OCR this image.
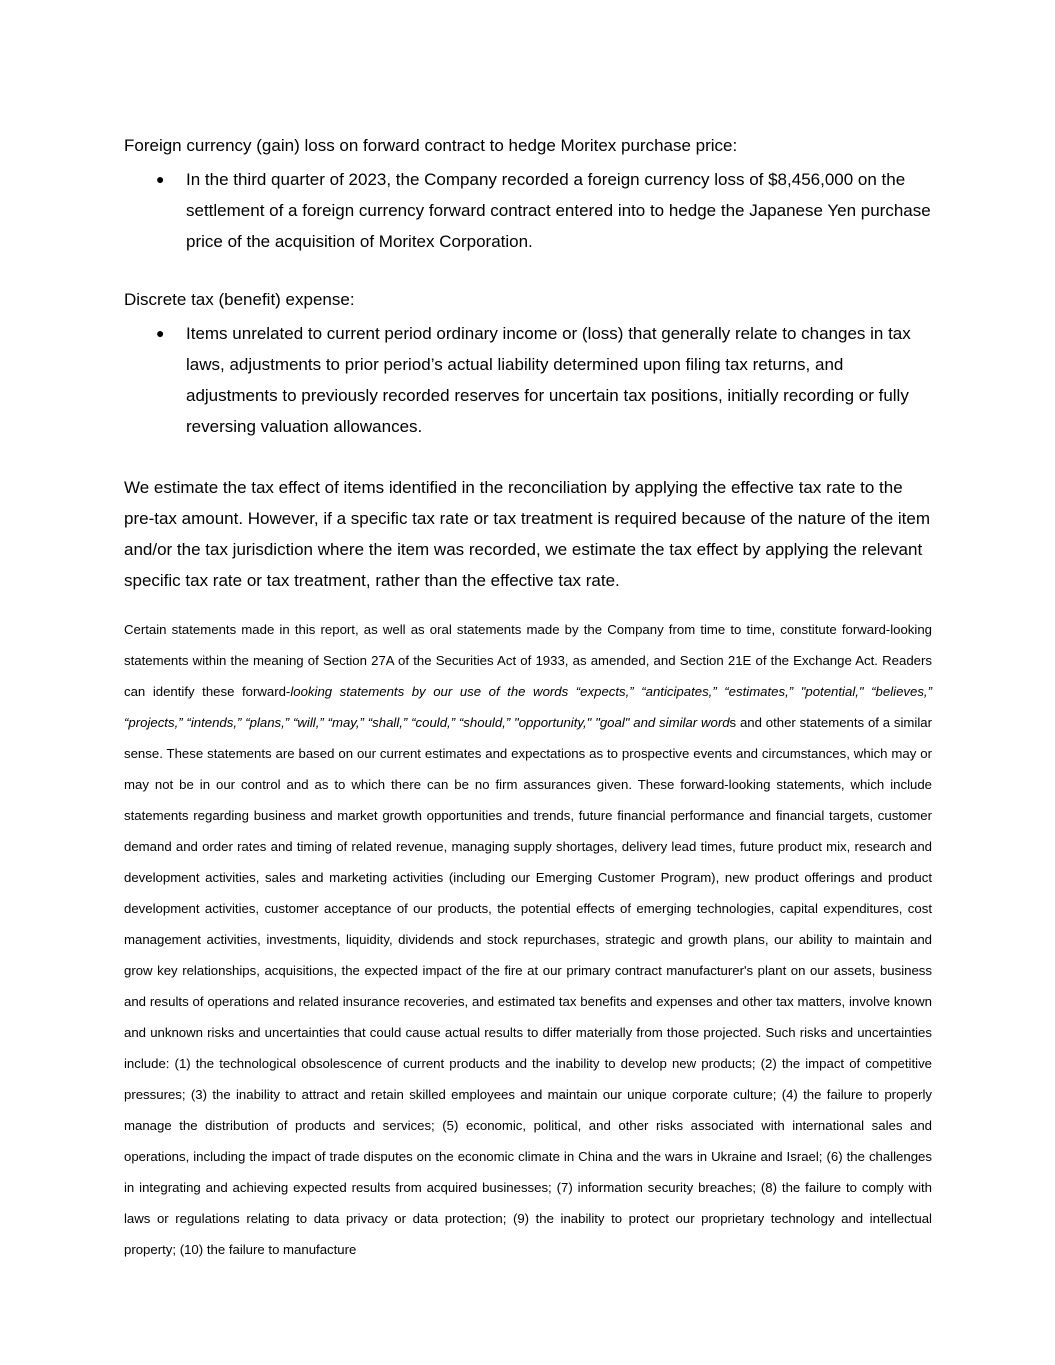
Foreign currency (gain) loss on forward contract to hedge Moritex purchase price:

● In the third quarter of 2023, the Company recorded a foreign currency loss of $8,456,000 on the settlement of a foreign currency forward contract entered into to hedge the Japanese Yen purchase price of the acquisition of Moritex Corporation.

Discrete tax (benefit) expense:

● Items unrelated to current period ordinary income or (loss) that generally relate to changes in tax laws, adjustments to prior period’s actual liability determined upon filing tax returns, and adjustments to previously recorded reserves for uncertain tax positions, initially recording or fully reversing valuation allowances.

We estimate the tax effect of items identified in the reconciliation by applying the effective tax rate to the pre-tax amount. However, if a specific tax rate or tax treatment is required because of the nature of the item and/or the tax jurisdiction where the item was recorded, we estimate the tax effect by applying the relevant specific tax rate or tax treatment, rather than the effective tax rate.

Certain statements made in this report, as well as oral statements made by the Company from time to time, constitute forward-looking statements within the meaning of Section 27A of the Securities Act of 1933, as amended, and Section 21E of the Exchange Act. Readers can identify these forward-looking statements by our use of the words “expects,” “anticipates,” “estimates,” "potential," “believes,” “projects,” “intends,” “plans,” “will,” “may,” “shall,” “could,” “should,” "opportunity," "goal" and similar words and other statements of a similar sense. These statements are based on our current estimates and expectations as to prospective events and circumstances, which may or may not be in our control and as to which there can be no firm assurances given. These forward-looking statements, which include statements regarding business and market growth opportunities and trends, future financial performance and financial targets, customer demand and order rates and timing of related revenue, managing supply shortages, delivery lead times, future product mix, research and development activities, sales and marketing activities (including our Emerging Customer Program), new product offerings and product development activities, customer acceptance of our products, the potential effects of emerging technologies, capital expenditures, cost management activities, investments, liquidity, dividends and stock repurchases, strategic and growth plans, our ability to maintain and grow key relationships, acquisitions, the expected impact of the fire at our primary contract manufacturer's plant on our assets, business and results of operations and related insurance recoveries, and estimated tax benefits and expenses and other tax matters, involve known and unknown risks and uncertainties that could cause actual results to differ materially from those projected. Such risks and uncertainties include: (1) the technological obsolescence of current products and the inability to develop new products; (2) the impact of competitive pressures; (3) the inability to attract and retain skilled employees and maintain our unique corporate culture; (4) the failure to properly manage the distribution of products and services; (5) economic, political, and other risks associated with international sales and operations, including the impact of trade disputes on the economic climate in China and the wars in Ukraine and Israel; (6) the challenges in integrating and achieving expected results from acquired businesses; (7) information security breaches; (8) the failure to comply with laws or regulations relating to data privacy or data protection; (9) the inability to protect our proprietary technology and intellectual property; (10) the failure to manufacture
